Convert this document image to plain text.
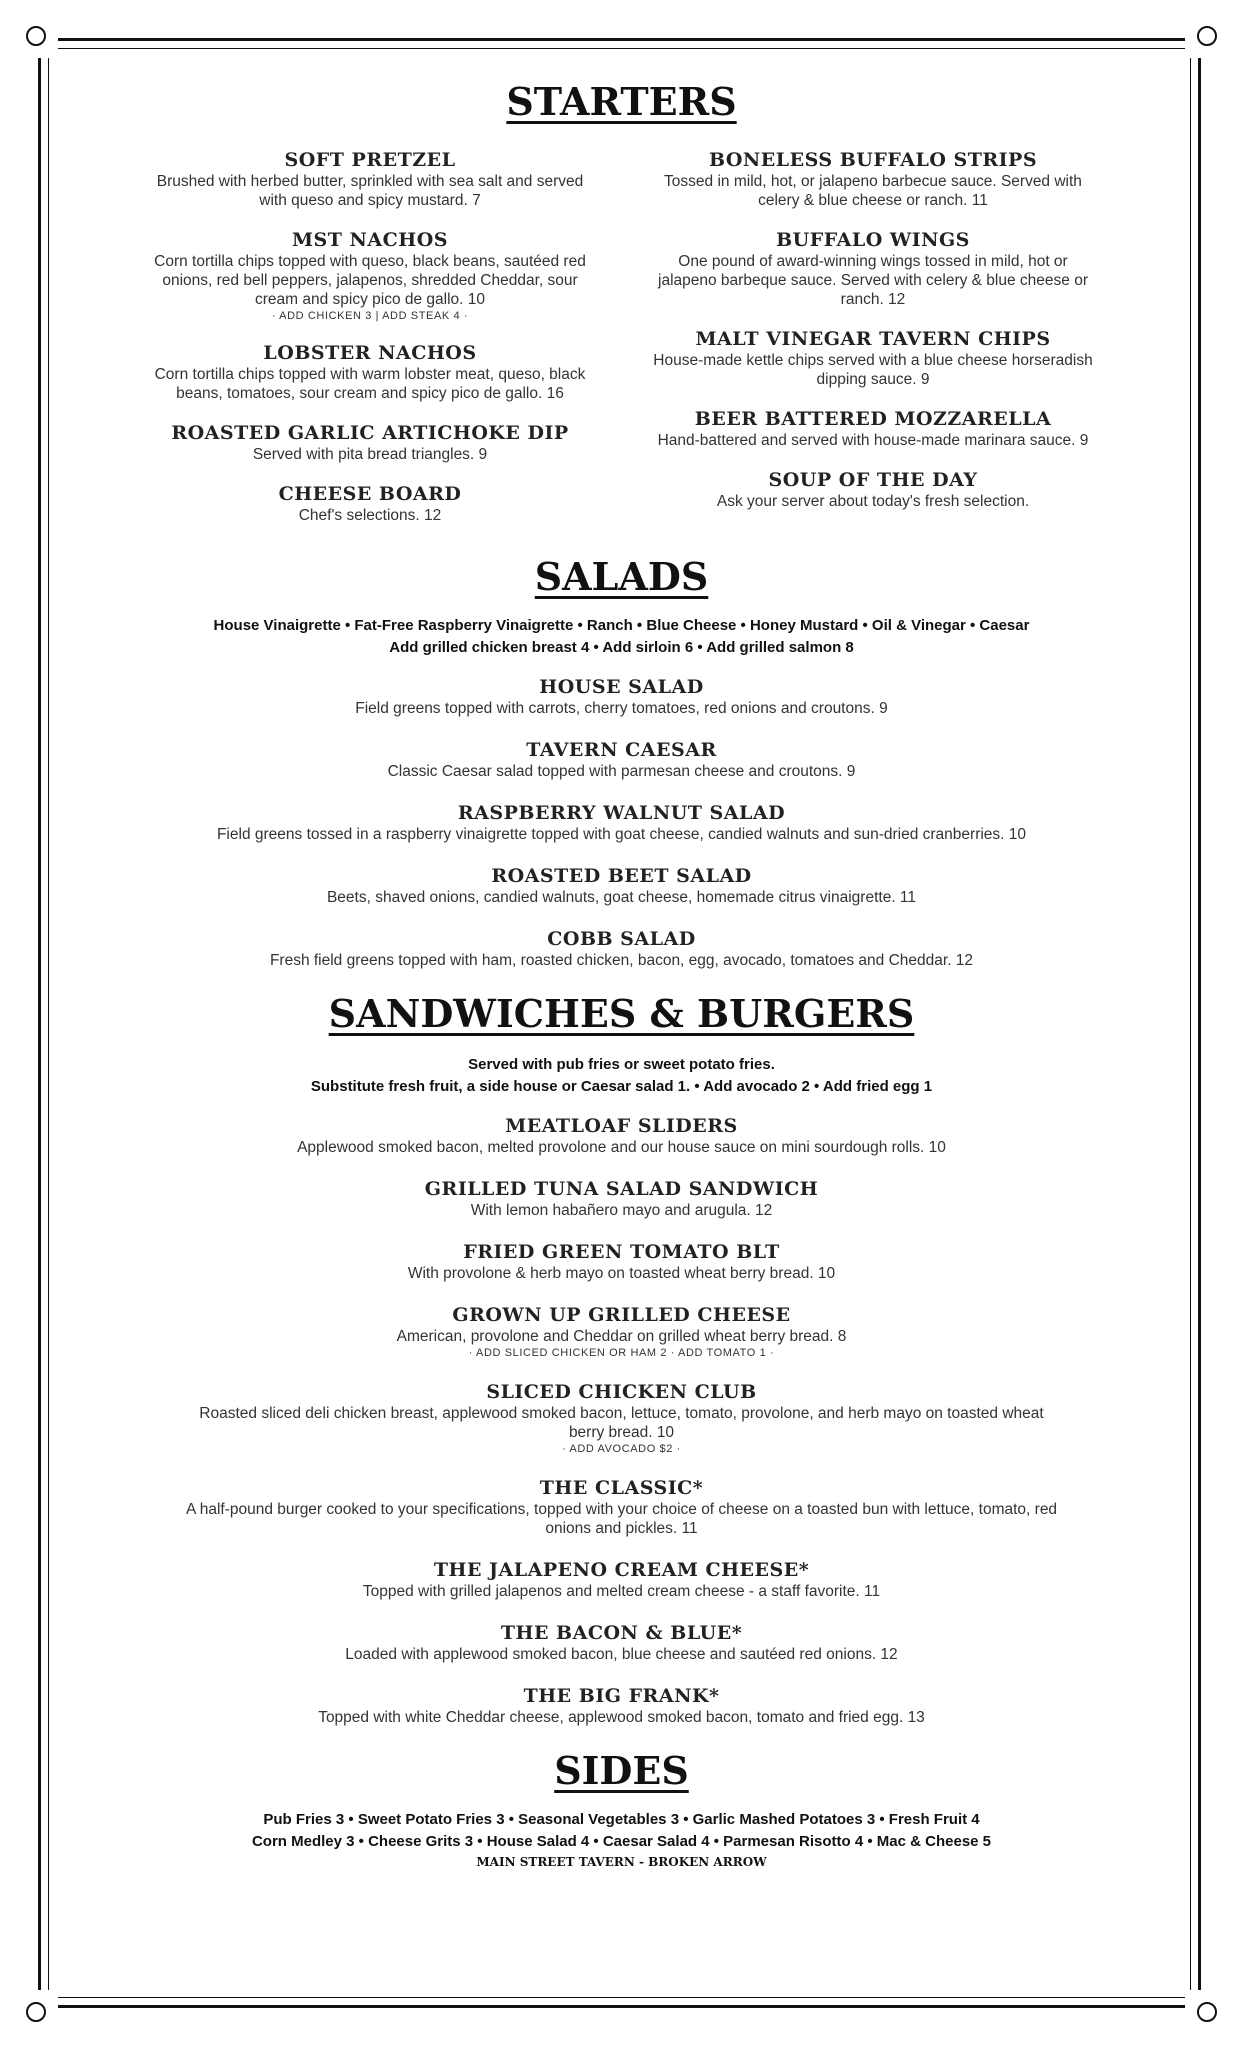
STARTERS
SOFT PRETZEL
Brushed with herbed butter, sprinkled with sea salt and served with queso and spicy mustard. 7
MST NACHOS
Corn tortilla chips topped with queso, black beans, sautéed red onions, red bell peppers, jalapenos, shredded Cheddar, sour cream and spicy pico de gallo. 10
· ADD CHICKEN 3 | ADD STEAK 4 ·
LOBSTER NACHOS
Corn tortilla chips topped with warm lobster meat, queso, black beans, tomatoes, sour cream and spicy pico de gallo. 16
ROASTED GARLIC ARTICHOKE DIP
Served with pita bread triangles. 9
CHEESE BOARD
Chef's selections. 12
BONELESS BUFFALO STRIPS
Tossed in mild, hot, or jalapeno barbecue sauce. Served with celery & blue cheese or ranch. 11
BUFFALO WINGS
One pound of award-winning wings tossed in mild, hot or jalapeno barbeque sauce. Served with celery & blue cheese or ranch. 12
MALT VINEGAR TAVERN CHIPS
House-made kettle chips served with a blue cheese horseradish dipping sauce. 9
BEER BATTERED MOZZARELLA
Hand-battered and served with house-made marinara sauce. 9
SOUP OF THE DAY
Ask your server about today's fresh selection.
SALADS
House Vinaigrette • Fat-Free Raspberry Vinaigrette • Ranch • Blue Cheese • Honey Mustard • Oil & Vinegar • Caesar
Add grilled chicken breast 4 • Add sirloin 6 • Add grilled salmon 8
HOUSE SALAD
Field greens topped with carrots, cherry tomatoes, red onions and croutons. 9
TAVERN CAESAR
Classic Caesar salad topped with parmesan cheese and croutons. 9
RASPBERRY WALNUT SALAD
Field greens tossed in a raspberry vinaigrette topped with goat cheese, candied walnuts and sun-dried cranberries. 10
ROASTED BEET SALAD
Beets, shaved onions, candied walnuts, goat cheese, homemade citrus vinaigrette. 11
COBB SALAD
Fresh field greens topped with ham, roasted chicken, bacon, egg, avocado, tomatoes and Cheddar. 12
SANDWICHES & BURGERS
Served with pub fries or sweet potato fries.
Substitute fresh fruit, a side house or Caesar salad 1. • Add avocado 2 • Add fried egg 1
MEATLOAF SLIDERS
Applewood smoked bacon, melted provolone and our house sauce on mini sourdough rolls. 10
GRILLED TUNA SALAD SANDWICH
With lemon habañero mayo and arugula. 12
FRIED GREEN TOMATO BLT
With provolone & herb mayo on toasted wheat berry bread. 10
GROWN UP GRILLED CHEESE
American, provolone and Cheddar on grilled wheat berry bread. 8
· ADD SLICED CHICKEN OR HAM 2 · ADD TOMATO 1 ·
SLICED CHICKEN CLUB
Roasted sliced deli chicken breast, applewood smoked bacon, lettuce, tomato, provolone, and herb mayo on toasted wheat berry bread. 10
· ADD AVOCADO $2 ·
THE CLASSIC*
A half-pound burger cooked to your specifications, topped with your choice of cheese on a toasted bun with lettuce, tomato, red onions and pickles. 11
THE JALAPENO CREAM CHEESE*
Topped with grilled jalapenos and melted cream cheese - a staff favorite. 11
THE BACON & BLUE*
Loaded with applewood smoked bacon, blue cheese and sautéed red onions. 12
THE BIG FRANK*
Topped with white Cheddar cheese, applewood smoked bacon, tomato and fried egg. 13
SIDES
Pub Fries 3 • Sweet Potato Fries 3 • Seasonal Vegetables 3 • Garlic Mashed Potatoes 3 • Fresh Fruit 4
Corn Medley 3 • Cheese Grits 3 • House Salad 4 • Caesar Salad 4 • Parmesan Risotto 4 • Mac & Cheese 5
MAIN STREET TAVERN - BROKEN ARROW
